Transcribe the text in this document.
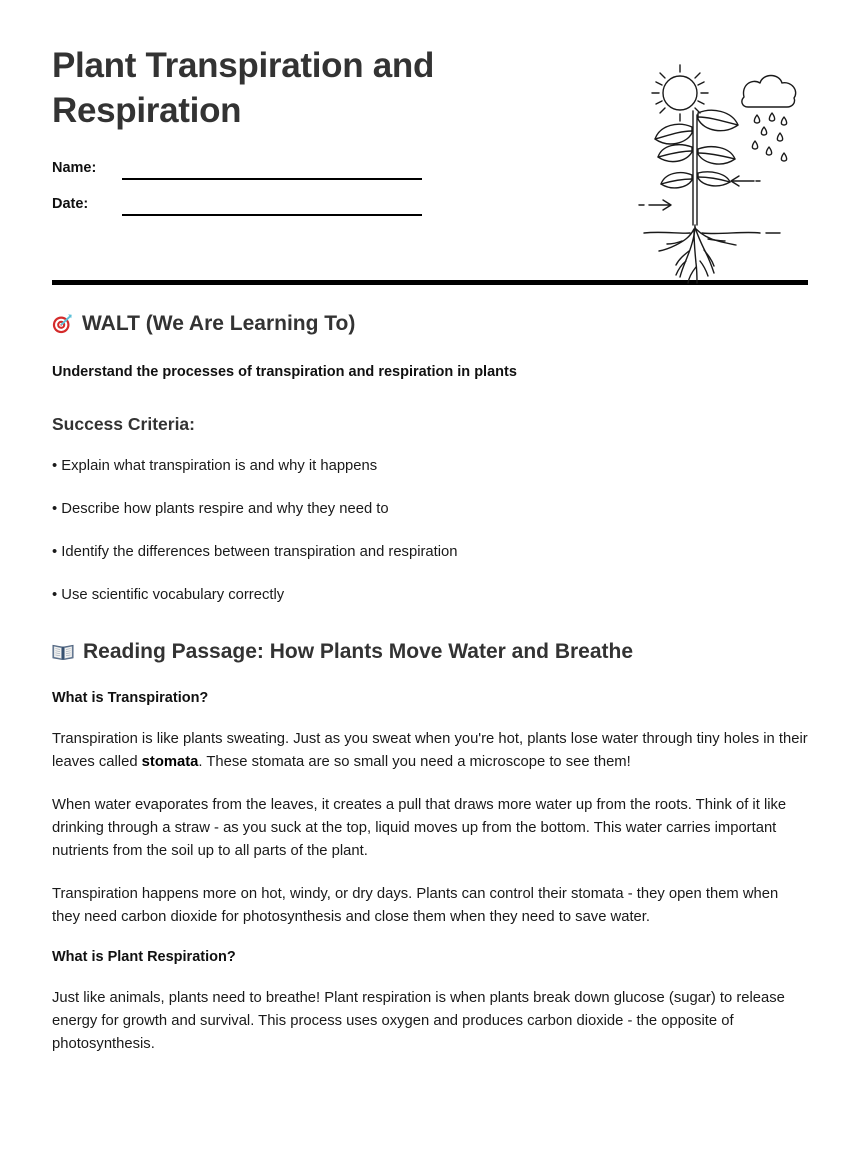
Plant Transpiration and Respiration
Name:
Date:
WALT (We Are Learning To)

Understand the processes of transpiration and respiration in plants

Success Criteria:

• Explain what transpiration is and why it happens

• Describe how plants respire and why they need to

• Identify the differences between transpiration and respiration

• Use scientific vocabulary correctly

Reading Passage: How Plants Move Water and Breathe
What is Transpiration?

Transpiration is like plants sweating. Just as you sweat when you're hot, plants lose water through tiny holes in their leaves called stomata. These stomata are so small you need a microscope to see them!

When water evaporates from the leaves, it creates a pull that draws more water up from the roots. Think of it like drinking through a straw - as you suck at the top, liquid moves up from the bottom. This water carries important nutrients from the soil up to all parts of the plant.

Transpiration happens more on hot, windy, or dry days. Plants can control their stomata - they open them when they need carbon dioxide for photosynthesis and close them when they need to save water.

What is Plant Respiration?

Just like animals, plants need to breathe! Plant respiration is when plants break down glucose (sugar) to release energy for growth and survival. This process uses oxygen and produces carbon dioxide - the opposite of photosynthesis.
